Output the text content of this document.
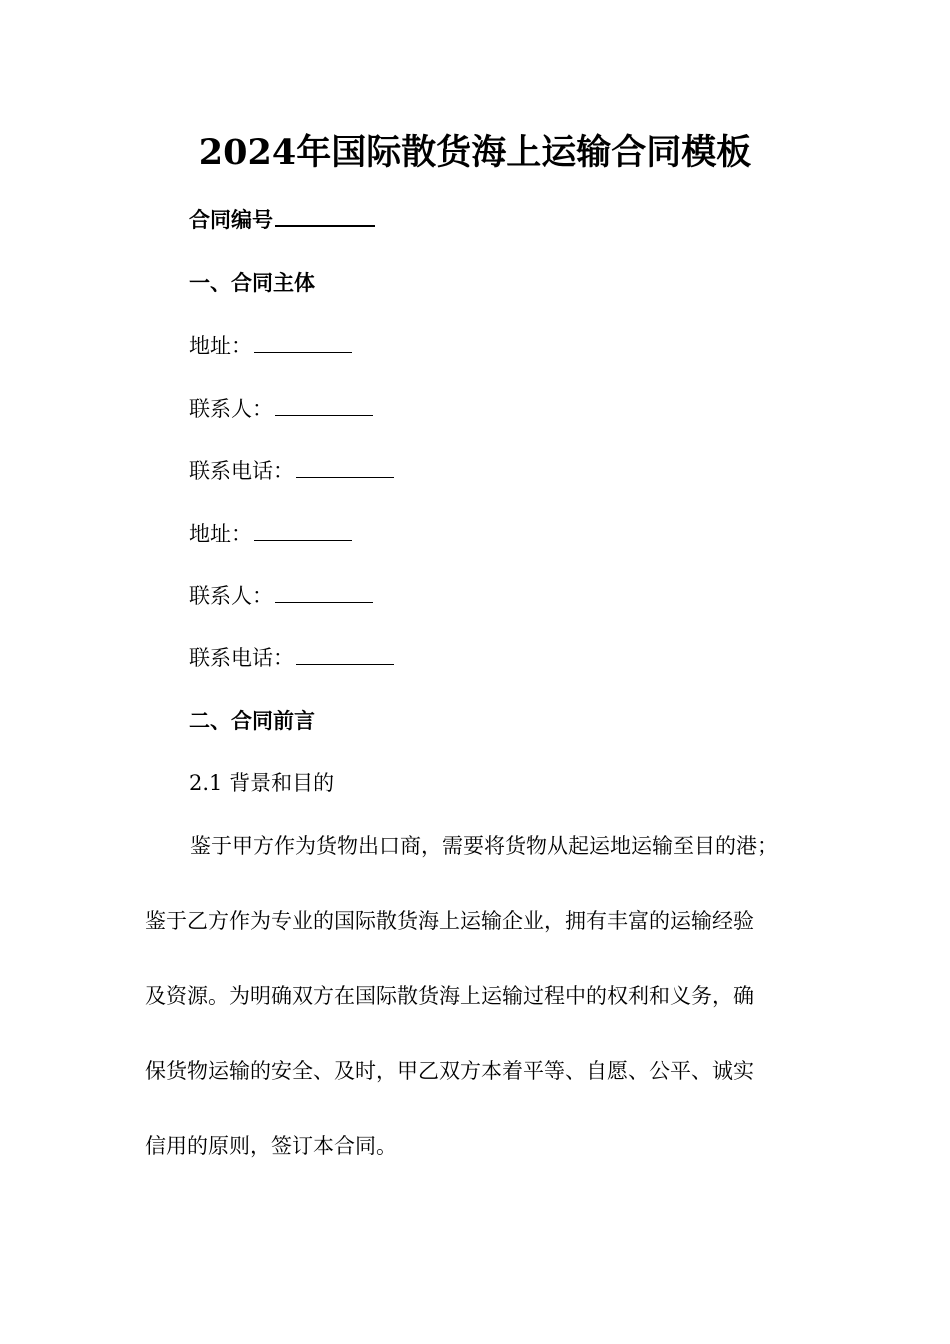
2024年国际散货海上运输合同模板
合同编号
一、合同主体
地址：
联系人：
联系电话：
地址：
联系人：
联系电话：
二、合同前言
2.1 背景和目的
鉴于甲方作为货物出口商，需要将货物从起运地运输至目的港；
鉴于乙方作为专业的国际散货海上运输企业，拥有丰富的运输经验
及资源。为明确双方在国际散货海上运输过程中的权利和义务，确
保货物运输的安全、及时，甲乙双方本着平等、自愿、公平、诚实
信用的原则，签订本合同。
